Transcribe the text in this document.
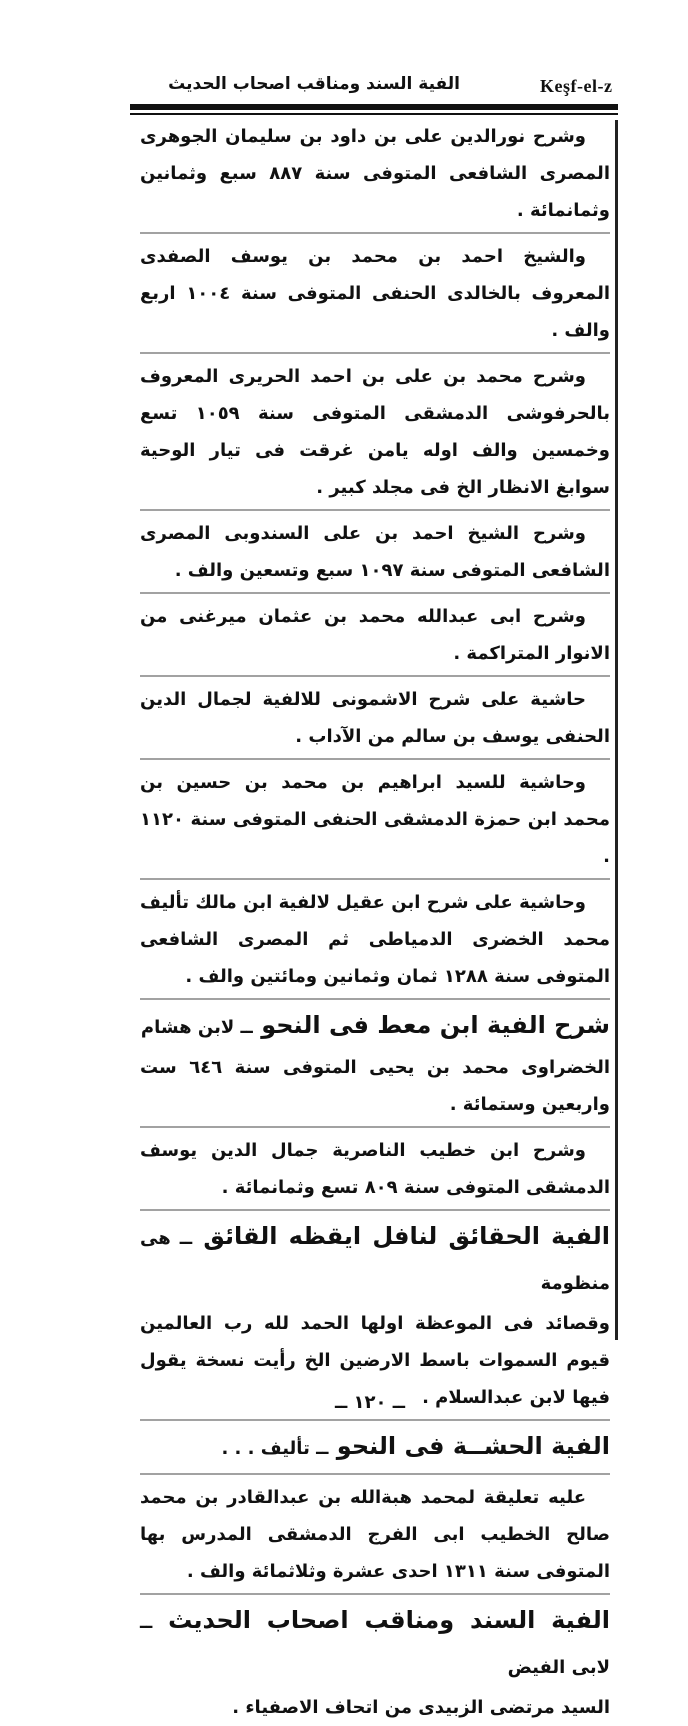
الفية السند ومناقب اصحاب الحديث	Keşf-el-z

وشرح نورالدين على بن داود بن سليمان الجوهرى المصرى الشافعى المتوفى سنة ٨٨٧ سبع وثمانين وثمانمائة .

والشيخ احمد بن محمد بن يوسف الصفدى المعروف بالخالدى الحنفى المتوفى سنة ١٠٠٤ اربع والف .

وشرح محمد بن على بن احمد الحريرى المعروف بالحرفوشى الدمشقى المتوفى سنة ١٠٥٩ تسع وخمسين والف اوله يامن غرقت فى تيار الوحية سوابغ الانظار الخ فى مجلد كبير .

وشرح الشيخ احمد بن على السندوبى المصرى الشافعى المتوفى سنة ١٠٩٧ سبع وتسعين والف .

وشرح ابى عبدالله محمد بن عثمان ميرغنى من الانوار المتراكمة .

حاشية على شرح الاشمونى للالفية لجمال الدين الحنفى يوسف بن سالم من الآداب .

وحاشية للسيد ابراهيم بن محمد بن حسين بن محمد ابن حمزة الدمشقى الحنفى المتوفى سنة ١١٢٠ .

وحاشية على شرح ابن عقيل لالفية ابن مالك تأليف محمد الخضرى الدمياطى ثم المصرى الشافعى المتوفى سنة ١٢٨٨ ثمان وثمانين ومائتين والف .

شرح الفية ابن معط فى النحو ــ لابن هشام

الخضراوى محمد بن يحيى المتوفى سنة ٦٤٦ ست واربعين وستمائة .

وشرح ابن خطيب الناصرية جمال الدين يوسف الدمشقى المتوفى سنة ٨٠٩ تسع وثمانمائة .

الفية الحقائق لنافل ايقظه القائق ــ هى منظومة

وقصائد فى الموعظة اولها الحمد لله رب العالمين قيوم السموات باسط الارضين الخ رأيت نسخة يقول فيها لابن عبدالسلام .

الفية الحشــة فى النحو ــ تأليف . . .

عليه تعليقة لمحمد هبةالله بن عبدالقادر بن محمد صالح الخطيب ابى الفرج الدمشقى المدرس بها المتوفى سنة ١٣١١ احدى عشرة وثلاثمائة والف .

الفية السند ومناقب اصحاب الحديث ــ لابى الفيض

السيد مرتضى الزبيدى من اتحاف الاصفياء .

ــ ١٢٠ ــ
